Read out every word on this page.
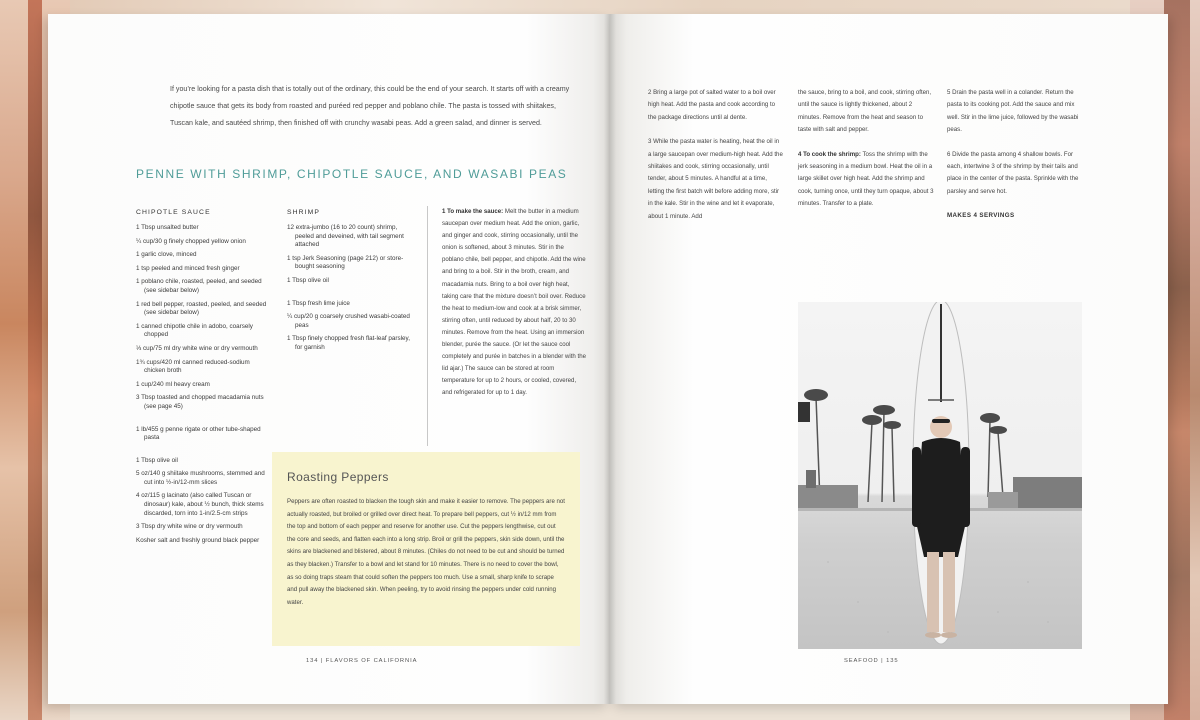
If you’re looking for a pasta dish that is totally out of the ordinary, this could be the end of your search. It starts off with a creamy chipotle sauce that gets its body from roasted and puréed red pepper and poblano chile. The pasta is tossed with shiitakes, Tuscan kale, and sautéed shrimp, then finished off with crunchy wasabi peas. Add a green salad, and dinner is served.

PENNE WITH SHRIMP, CHIPOTLE SAUCE, AND WASABI PEAS
CHIPOTLE SAUCE
1 Tbsp unsalted butter
¼ cup/30 g finely chopped yellow onion
1 garlic clove, minced
1 tsp peeled and minced fresh ginger
1 poblano chile, roasted, peeled, and seeded (see sidebar below)
1 red bell pepper, roasted, peeled, and seeded (see sidebar below)
1 canned chipotle chile in adobo, coarsely chopped
⅓ cup/75 ml dry white wine or dry vermouth
1¾ cups/420 ml canned reduced-sodium chicken broth
1 cup/240 ml heavy cream
3 Tbsp toasted and chopped macadamia nuts (see page 45)
1 lb/455 g penne rigate or other tube-shaped pasta
1 Tbsp olive oil
5 oz/140 g shiitake mushrooms, stemmed and cut into ½-in/12-mm slices
4 oz/115 g lacinato (also called Tuscan or dinosaur) kale, about ½ bunch, thick stems discarded, torn into 1-in/2.5-cm strips
3 Tbsp dry white wine or dry vermouth
Kosher salt and freshly ground black pepper
SHRIMP
12 extra-jumbo (16 to 20 count) shrimp, peeled and deveined, with tail segment attached
1 tsp Jerk Seasoning (page 212) or store-bought seasoning
1 Tbsp olive oil
1 Tbsp fresh lime juice
¼ cup/20 g coarsely crushed wasabi-coated peas
1 Tbsp finely chopped fresh flat-leaf parsley, for garnish

1 To make the sauce: Melt the butter in a medium saucepan over medium heat. Add the onion, garlic, and ginger and cook, stirring occasionally, until the onion is softened, about 3 minutes. Stir in the poblano chile, bell pepper, and chipotle. Add the wine and bring to a boil. Stir in the broth, cream, and macadamia nuts. Bring to a boil over high heat, taking care that the mixture doesn’t boil over. Reduce the heat to medium-low and cook at a brisk simmer, stirring often, until reduced by about half, 20 to 30 minutes. Remove from the heat. Using an immersion blender, purée the sauce. (Or let the sauce cool completely and purée in batches in a blender with the lid ajar.) The sauce can be stored at room temperature for up to 2 hours, or cooled, covered, and refrigerated for up to 1 day.

Roasting Peppers

Peppers are often roasted to blacken the tough skin and make it easier to remove. The peppers are not actually roasted, but broiled or grilled over direct heat. To prepare bell peppers, cut ½ in/12 mm from the top and bottom of each pepper and reserve for another use. Cut the peppers lengthwise, cut out the core and seeds, and flatten each into a long strip. Broil or grill the peppers, skin side down, until the skins are blackened and blistered, about 8 minutes. (Chiles do not need to be cut and should be turned as they blacken.) Transfer to a bowl and let stand for 10 minutes. There is no need to cover the bowl, as so doing traps steam that could soften the peppers too much. Use a small, sharp knife to scrape and pull away the blackened skin. When peeling, try to avoid rinsing the peppers under cold running water.

134 | FLAVORS OF CALIFORNIA

2 Bring a large pot of salted water to a boil over high heat. Add the pasta and cook according to the package directions until al dente.

3 While the pasta water is heating, heat the oil in a large saucepan over medium-high heat. Add the shiitakes and cook, stirring occasionally, until tender, about 5 minutes. A handful at a time, letting the first batch wilt before adding more, stir in the kale. Stir in the wine and let it evaporate, about 1 minute. Add

the sauce, bring to a boil, and cook, stirring often, until the sauce is lightly thickened, about 2 minutes. Remove from the heat and season to taste with salt and pepper.

4 To cook the shrimp: Toss the shrimp with the jerk seasoning in a medium bowl. Heat the oil in a large skillet over high heat. Add the shrimp and cook, turning once, until they turn opaque, about 3 minutes. Transfer to a plate.

5 Drain the pasta well in a colander. Return the pasta to its cooking pot. Add the sauce and mix well. Stir in the lime juice, followed by the wasabi peas.

6 Divide the pasta among 4 shallow bowls. For each, intertwine 3 of the shrimp by their tails and place in the center of the pasta. Sprinkle with the parsley and serve hot.

MAKES 4 SERVINGS
SEAFOOD | 135
